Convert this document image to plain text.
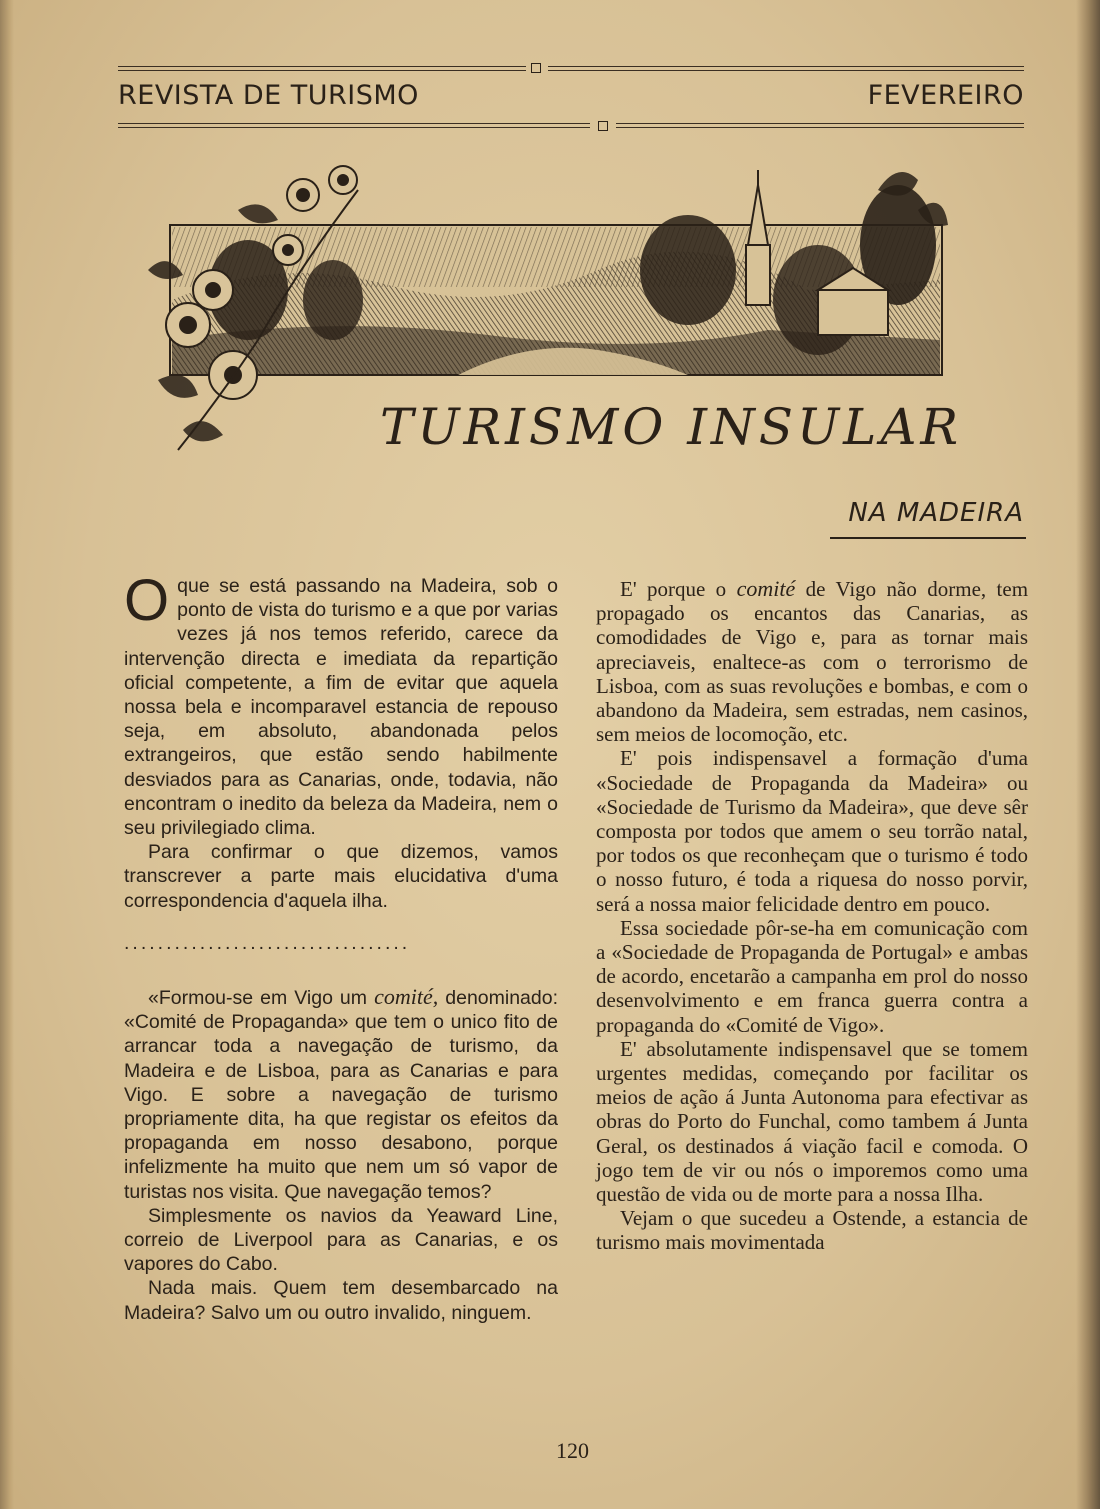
REVISTA DE TURISMO	FEVEREIRO
TURISMO INSULAR
NA MADEIRA

Oque se está passando na Madeira, sob o ponto de vista do turismo e a que por varias vezes já nos temos referido, carece da intervenção directa e imediata da repartição oficial competente, a fim de evitar que aquela nossa bela e incomparavel estancia de repouso seja, em absoluto, abandonada pelos extrangeiros, que estão sendo habilmente desviados para as Canarias, onde, todavia, não encontram o inedito da beleza da Madeira, nem o seu privilegiado clima.

Para confirmar o que dizemos, vamos transcrever a parte mais elucidativa d'uma correspondencia d'aquela ilha.

..................................

«Formou-se em Vigo um comité, denominado: «Comité de Propaganda» que tem o unico fito de arrancar toda a navegação de turismo, da Madeira e de Lisboa, para as Canarias e para Vigo. E sobre a navegação de turismo propriamente dita, ha que registar os efeitos da propaganda em nosso desabono, porque infelizmente ha muito que nem um só vapor de turistas nos visita. Que navegação temos?

Simplesmente os navios da Yeaward Line, correio de Liverpool para as Canarias, e os vapores do Cabo.

Nada mais. Quem tem desembarcado na Madeira? Salvo um ou outro invalido, ninguem.

E' porque o comité de Vigo não dorme, tem propagado os encantos das Canarias, as comodidades de Vigo e, para as tornar mais apreciaveis, enaltece-as com o terrorismo de Lisboa, com as suas revoluções e bombas, e com o abandono da Madeira, sem estradas, nem casinos, sem meios de locomoção, etc.

E' pois indispensavel a formação d'uma «Sociedade de Propaganda da Madeira» ou «Sociedade de Turismo da Madeira», que deve sêr composta por todos que amem o seu torrão natal, por todos os que reconheçam que o turismo é todo o nosso futuro, é toda a riquesa do nosso porvir, será a nossa maior felicidade dentro em pouco.

Essa sociedade pôr-se-ha em comunicação com a «Sociedade de Propaganda de Portugal» e ambas de acordo, encetarão a campanha em prol do nosso desenvolvimento e em franca guerra contra a propaganda do «Comité de Vigo».

E' absolutamente indispensavel que se tomem urgentes medidas, começando por facilitar os meios de ação á Junta Autonoma para efectivar as obras do Porto do Funchal, como tambem á Junta Geral, os destinados á viação facil e comoda. O jogo tem de vir ou nós o imporemos como uma questão de vida ou de morte para a nossa Ilha.

Vejam o que sucedeu a Ostende, a estancia de turismo mais movimentada

120
